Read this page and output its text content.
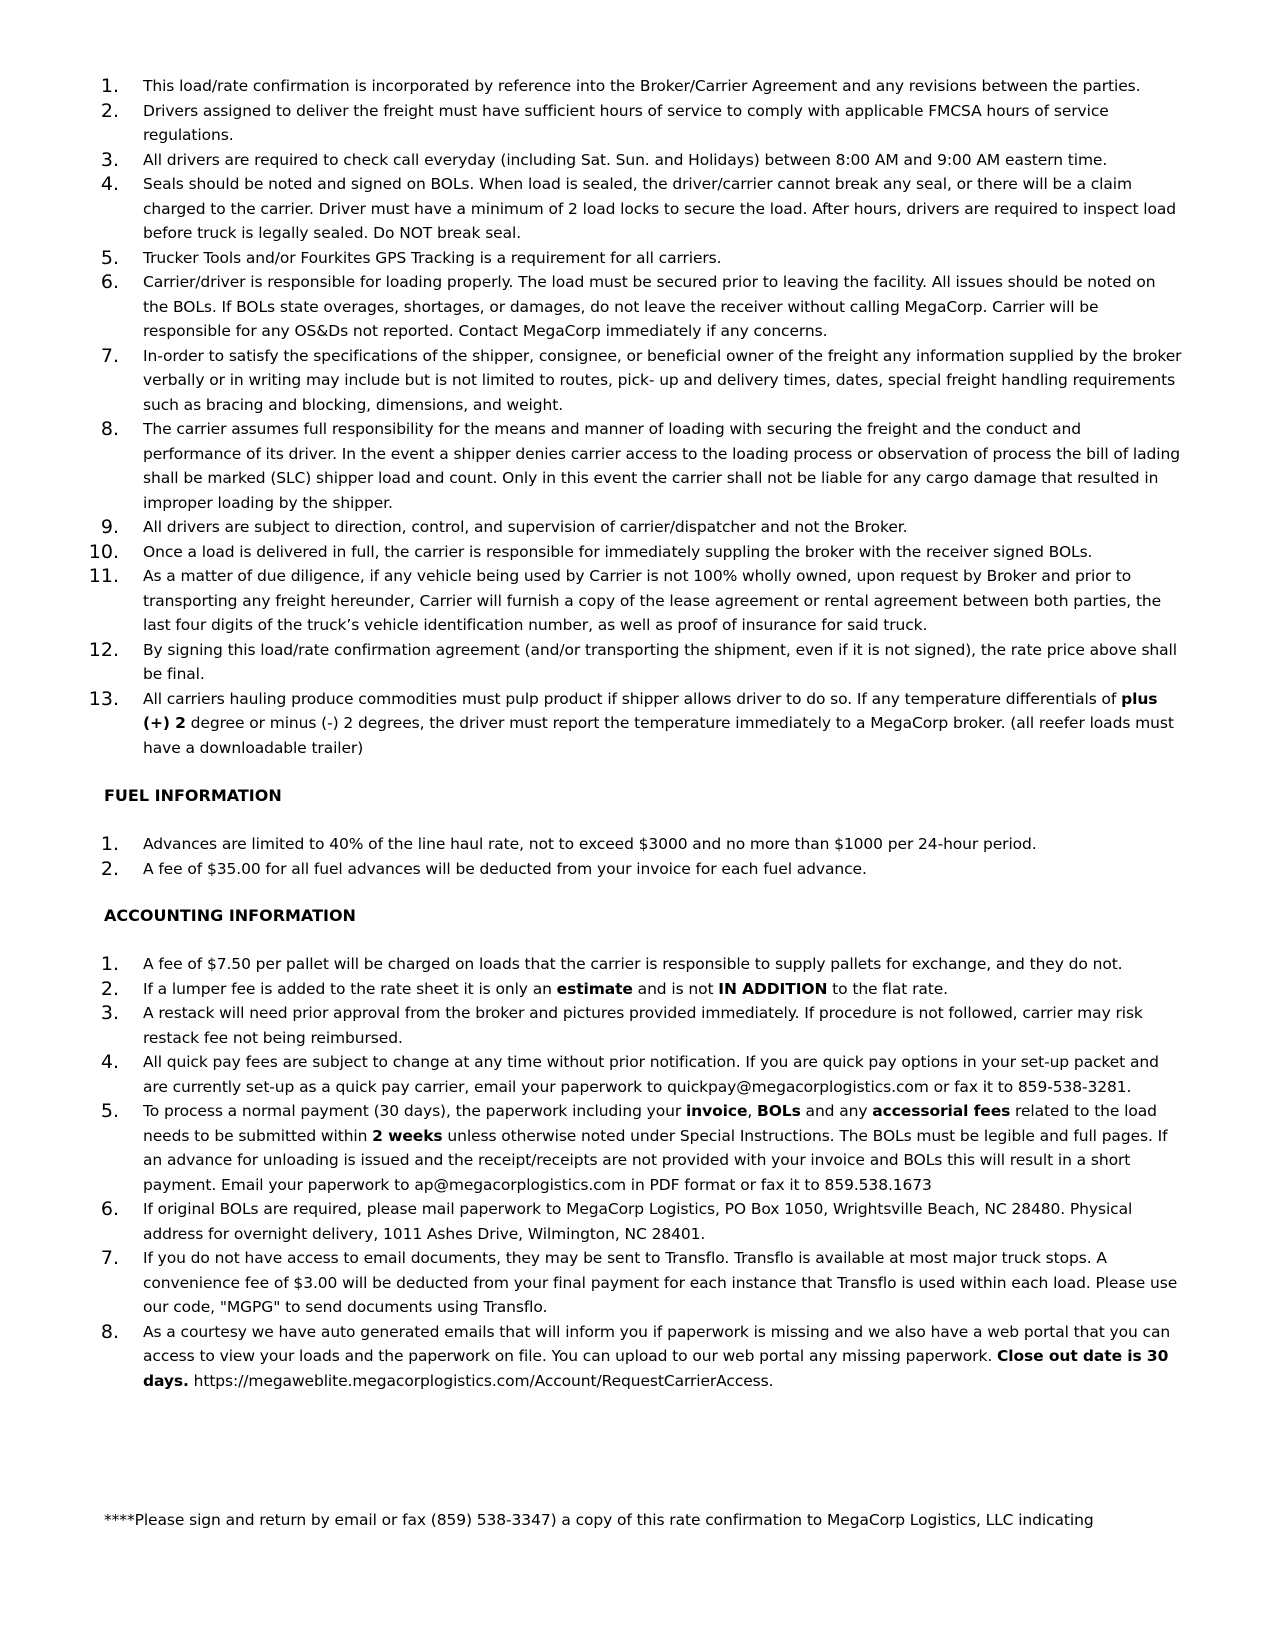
1.	This load/rate confirmation is incorporated by reference into the Broker/Carrier Agreement and any revisions between the parties.
2.	Drivers assigned to deliver the freight must have sufficient hours of service to comply with applicable FMCSA hours of service regulations.
3.	All drivers are required to check call everyday (including Sat. Sun. and Holidays) between 8:00 AM and 9:00 AM eastern time.
4.	Seals should be noted and signed on BOLs. When load is sealed, the driver/carrier cannot break any seal, or there will be a claim charged to the carrier. Driver must have a minimum of 2 load locks to secure the load. After hours, drivers are required to inspect load before truck is legally sealed. Do NOT break seal.
5.	Trucker Tools and/or Fourkites GPS Tracking is a requirement for all carriers.
6.	Carrier/driver is responsible for loading properly. The load must be secured prior to leaving the facility. All issues should be noted on the BOLs. If BOLs state overages, shortages, or damages, do not leave the receiver without calling MegaCorp. Carrier will be responsible for any OS&Ds not reported. Contact MegaCorp immediately if any concerns.
7.	In-order to satisfy the specifications of the shipper, consignee, or beneficial owner of the freight any information supplied by the broker verbally or in writing may include but is not limited to routes, pick- up and delivery times, dates, special freight handling requirements such as bracing and blocking, dimensions, and weight.
8.	The carrier assumes full responsibility for the means and manner of loading with securing the freight and the conduct and performance of its driver. In the event a shipper denies carrier access to the loading process or observation of process the bill of lading shall be marked (SLC) shipper load and count. Only in this event the carrier shall not be liable for any cargo damage that resulted in improper loading by the shipper.
9.	All drivers are subject to direction, control, and supervision of carrier/dispatcher and not the Broker.
10.	Once a load is delivered in full, the carrier is responsible for immediately suppling the broker with the receiver signed BOLs.
11.	As a matter of due diligence, if any vehicle being used by Carrier is not 100% wholly owned, upon request by Broker and prior to transporting any freight hereunder, Carrier will furnish a copy of the lease agreement or rental agreement between both parties, the last four digits of the truck’s vehicle identification number, as well as proof of insurance for said truck.
12.	By signing this load/rate confirmation agreement (and/or transporting the shipment, even if it is not signed), the rate price above shall be final.
13.	All carriers hauling produce commodities must pulp product if shipper allows driver to do so. If any temperature differentials of plus (+) 2 degree or minus (-) 2 degrees, the driver must report the temperature immediately to a MegaCorp broker. (all reefer loads must have a downloadable trailer)
FUEL INFORMATION
1.	Advances are limited to 40% of the line haul rate, not to exceed $3000 and no more than $1000 per 24-hour period.
2.	A fee of $35.00 for all fuel advances will be deducted from your invoice for each fuel advance.
ACCOUNTING INFORMATION
1.	A fee of $7.50 per pallet will be charged on loads that the carrier is responsible to supply pallets for exchange, and they do not.
2.	If a lumper fee is added to the rate sheet it is only an estimate and is not IN ADDITION to the flat rate.
3.	A restack will need prior approval from the broker and pictures provided immediately. If procedure is not followed, carrier may risk restack fee not being reimbursed.
4.	All quick pay fees are subject to change at any time without prior notification. If you are quick pay options in your set-up packet and are currently set-up as a quick pay carrier, email your paperwork to quickpay@megacorplogistics.com or fax it to 859-538-3281.
5.	To process a normal payment (30 days), the paperwork including your invoice, BOLs and any accessorial fees related to the load needs to be submitted within 2 weeks unless otherwise noted under Special Instructions. The BOLs must be legible and full pages. If an advance for unloading is issued and the receipt/receipts are not provided with your invoice and BOLs this will result in a short payment. Email your paperwork to ap@megacorplogistics.com in PDF format or fax it to 859.538.1673
6.	If original BOLs are required, please mail paperwork to MegaCorp Logistics, PO Box 1050, Wrightsville Beach, NC 28480. Physical address for overnight delivery, 1011 Ashes Drive, Wilmington, NC 28401.
7.	If you do not have access to email documents, they may be sent to Transflo. Transflo is available at most major truck stops. A convenience fee of $3.00 will be deducted from your final payment for each instance that Transflo is used within each load. Please use our code, "MGPG" to send documents using Transflo.
8.	As a courtesy we have auto generated emails that will inform you if paperwork is missing and we also have a web portal that you can access to view your loads and the paperwork on file. You can upload to our web portal any missing paperwork. Close out date is 30 days. https://megaweblite.megacorplogistics.com/Account/RequestCarrierAccess.
****Please sign and return by email or fax (859) 538-3347) a copy of this rate confirmation to MegaCorp Logistics, LLC indicating
